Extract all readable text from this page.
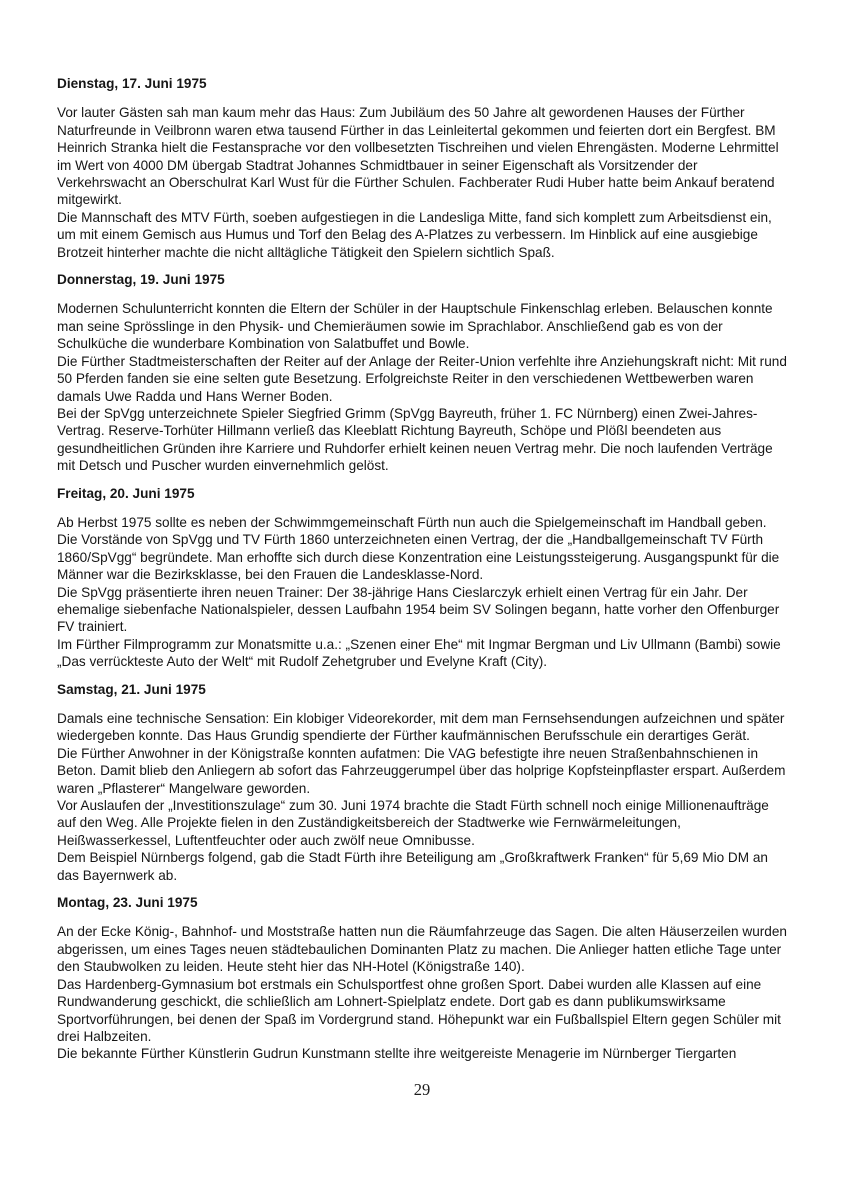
Dienstag, 17. Juni 1975

Vor lauter Gästen sah man kaum mehr das Haus: Zum Jubiläum des 50 Jahre alt gewordenen Hauses der Fürther Naturfreunde in Veilbronn waren etwa tausend Fürther in das Leinleitertal gekommen und feierten dort ein Bergfest. BM Heinrich Stranka hielt die Festansprache vor den vollbesetzten Tischreihen und vielen Ehrengästen. Moderne Lehrmittel im Wert von 4000 DM übergab Stadtrat Johannes Schmidtbauer in seiner Eigenschaft als Vorsitzender der Verkehrswacht an Oberschulrat Karl Wust für die Fürther Schulen. Fachberater Rudi Huber hatte beim Ankauf beratend mitgewirkt.

Die Mannschaft des MTV Fürth, soeben aufgestiegen in die Landesliga Mitte, fand sich komplett zum Arbeitsdienst ein, um mit einem Gemisch aus Humus und Torf den Belag des A-Platzes zu verbessern. Im Hinblick auf eine ausgiebige Brotzeit hinterher machte die nicht alltägliche Tätigkeit den Spielern sichtlich Spaß.

Donnerstag, 19. Juni 1975

Modernen Schulunterricht konnten die Eltern der Schüler in der Hauptschule Finkenschlag erleben. Belauschen konnte man seine Sprösslinge in den Physik- und Chemieräumen sowie im Sprachlabor. Anschließend gab es von der Schulküche die wunderbare Kombination von Salatbuffet und Bowle.

Die Fürther Stadtmeisterschaften der Reiter auf der Anlage der Reiter-Union verfehlte ihre Anziehungskraft nicht: Mit rund 50 Pferden fanden sie eine selten gute Besetzung. Erfolgreichste Reiter in den verschiedenen Wettbewerben waren damals Uwe Radda und Hans Werner Boden.

Bei der SpVgg unterzeichnete Spieler Siegfried Grimm (SpVgg Bayreuth, früher 1. FC Nürnberg) einen Zwei-Jahres-Vertrag. Reserve-Torhüter Hillmann verließ das Kleeblatt Richtung Bayreuth, Schöpe und Plößl beendeten aus gesundheitlichen Gründen ihre Karriere und Ruhdorfer erhielt keinen neuen Vertrag mehr. Die noch laufenden Verträge mit Detsch und Puscher wurden einvernehmlich gelöst.

Freitag, 20. Juni 1975

Ab Herbst 1975 sollte es neben der Schwimmgemeinschaft Fürth nun auch die Spielgemeinschaft im Handball geben. Die Vorstände von SpVgg und TV Fürth 1860 unterzeichneten einen Vertrag, der die „Handballgemeinschaft TV Fürth 1860/SpVgg“ begründete. Man erhoffte sich durch diese Konzentration eine Leistungssteigerung. Ausgangspunkt für die Männer war die Bezirksklasse, bei den Frauen die Landesklasse-Nord.

Die SpVgg präsentierte ihren neuen Trainer: Der 38-jährige Hans Cieslarczyk erhielt einen Vertrag für ein Jahr. Der ehemalige siebenfache Nationalspieler, dessen Laufbahn 1954 beim SV Solingen begann, hatte vorher den Offenburger FV trainiert.

Im Fürther Filmprogramm zur Monatsmitte u.a.: „Szenen einer Ehe“ mit Ingmar Bergman und Liv Ullmann (Bambi) sowie „Das verrückteste Auto der Welt“ mit Rudolf Zehetgruber und Evelyne Kraft (City).

Samstag, 21. Juni 1975

Damals eine technische Sensation: Ein klobiger Videorekorder, mit dem man Fernsehsendungen aufzeichnen und später wiedergeben konnte. Das Haus Grundig spendierte der Fürther kaufmännischen Berufsschule ein derartiges Gerät.

Die Fürther Anwohner in der Königstraße konnten aufatmen: Die VAG befestigte ihre neuen Straßenbahnschienen in Beton. Damit blieb den Anliegern ab sofort das Fahrzeuggerumpel über das holprige Kopfsteinpflaster erspart. Außerdem waren „Pflasterer“ Mangelware geworden.

Vor Auslaufen der „Investitionszulage“ zum 30. Juni 1974 brachte die Stadt Fürth schnell noch einige Millionenaufträge auf den Weg. Alle Projekte fielen in den Zuständigkeitsbereich der Stadtwerke wie Fernwärmeleitungen, Heißwasserkessel, Luftentfeuchter oder auch zwölf neue Omnibusse.

Dem Beispiel Nürnbergs folgend, gab die Stadt Fürth ihre Beteiligung am „Großkraftwerk Franken“ für 5,69 Mio DM an das Bayernwerk ab.

Montag, 23. Juni 1975

An der Ecke König-, Bahnhof- und Moststraße hatten nun die Räumfahrzeuge das Sagen. Die alten Häuserzeilen wurden abgerissen, um eines Tages neuen städtebaulichen Dominanten Platz zu machen. Die Anlieger hatten etliche Tage unter den Staubwolken zu leiden. Heute steht hier das NH-Hotel (Königstraße 140).

Das Hardenberg-Gymnasium bot erstmals ein Schulsportfest ohne großen Sport. Dabei wurden alle Klassen auf eine Rundwanderung geschickt, die schließlich am Lohnert-Spielplatz endete. Dort gab es dann publikumswirksame Sportvorführungen, bei denen der Spaß im Vordergrund stand. Höhepunkt war ein Fußballspiel Eltern gegen Schüler mit drei Halbzeiten.

Die bekannte Fürther Künstlerin Gudrun Kunstmann stellte ihre weitgereiste Menagerie im Nürnberger Tiergarten

29
